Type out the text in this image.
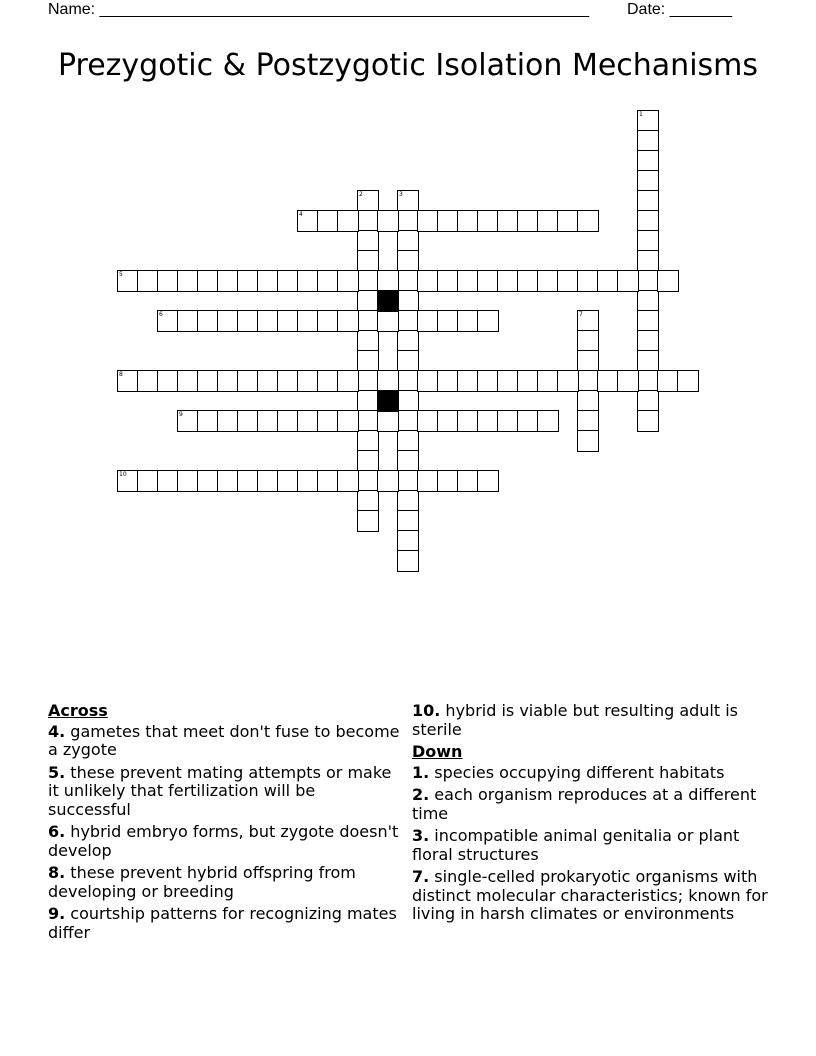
Name: _______________________________________________________ Date: _______
Prezygotic & Postzygotic Isolation Mechanisms
1
2	3
4
5
6	7
8
9
10
Across
4. gametes that meet don't fuse to become a zygote
5. these prevent mating attempts or make it unlikely that fertilization will be successful
6. hybrid embryo forms, but zygote doesn't develop
8. these prevent hybrid offspring from developing or breeding
9. courtship patterns for recognizing mates differ
10. hybrid is viable but resulting adult is sterile
Down
1. species occupying different habitats
2. each organism reproduces at a different time
3. incompatible animal genitalia or plant floral structures
7. single-celled prokaryotic organisms with distinct molecular characteristics; known for living in harsh climates or environments
